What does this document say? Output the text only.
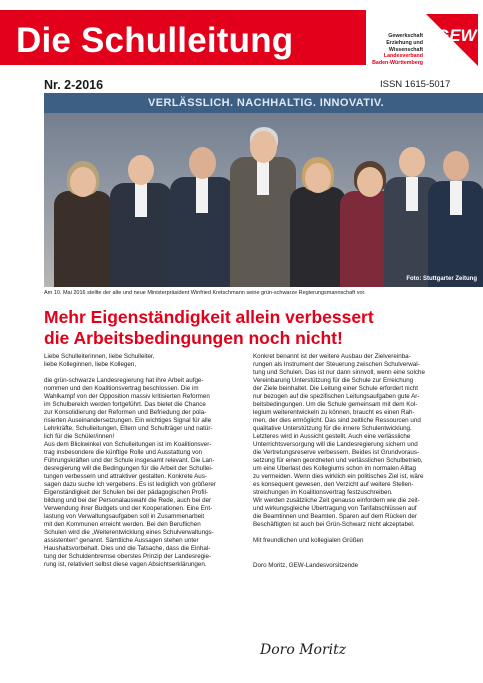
Die Schulleitung	Gewerkschaft
Erziehung und Wissenschaft
Landesverband
Baden-Württemberg
GEW
Nr. 2-2016	ISSN 1615-5017
VERLÄSSLICH. NACHHALTIG. INNOVATIV.
Foto: Stuttgarter Zeitung
Am 10. Mai 2016 stellte der alte und neue Ministerpräsident Winfried Kretschmann seine grün-schwarze Regierungsmannschaft vor.
Mehr Eigenständigkeit allein verbessert
die Arbeitsbedingungen noch nicht!
Liebe Schulleiterinnen, liebe Schulleiter,
liebe Kolleginnen, liebe Kollegen,
die grün-schwarze Landesregierung hat ihre Arbeit aufge-
nommen und den Koalitionsvertrag beschlossen. Die im
Wahlkampf von der Opposition massiv kritisierten Reformen
im Schulbereich werden fortgeführt. Das bietet die Chance
zur Konsolidierung der Reformen und Befriedung der pola-
risierten Auseinandersetzungen. Ein wichtiges Signal für alle
Lehrkräfte, Schulleitungen, Eltern und Schulträger und natür-
lich für die Schüler/innen!
Aus dem Blickwinkel von Schulleitungen ist im Koalitionsver-
trag insbesondere die künftige Rolle und Ausstattung von
Führungskräften und der Schule insgesamt relevant. Die Lan-
desregierung will die Bedingungen für die Arbeit der Schullei-
tungen verbessern und attraktiver gestalten. Konkrete Aus-
sagen dazu suche ich vergebens. Es ist lediglich von größerer
Eigenständigkeit der Schulen bei der pädagogischen Profil-
bildung und bei der Personalauswahl die Rede, auch bei der
Verwendung ihrer Budgets und der Kooperationen. Eine Ent-
lastung von Verwaltungsaufgaben soll in Zusammenarbeit
mit den Kommunen erreicht werden. Bei den Beruflichen
Schulen wird die „Weiterentwicklung eines Schulverwaltungs-
assistenten“ genannt. Sämtliche Aussagen stehen unter
Haushaltsvorbehalt. Dies und die Tatsache, dass die Einhal-
tung der Schuldenbremse oberstes Prinzip der Landesregie-
rung ist, relativiert selbst diese vagen Absichtserklärungen.
Konkret benannt ist der weitere Ausbau der Zielvereinba-
rungen als Instrument der Steuerung zwischen Schulverwal-
tung und Schulen. Das ist nur dann sinnvoll, wenn eine solche
Vereinbarung Unterstützung für die Schule zur Erreichung
der Ziele beinhaltet. Die Leitung einer Schule erfordert nicht
nur bezogen auf die spezifischen Leitungsaufgaben gute Ar-
beitsbedingungen. Um die Schule gemeinsam mit dem Kol-
legium weiterentwickeln zu können, braucht es einen Rah-
men, der dies ermöglicht. Das sind zeitliche Ressourcen und
qualitative Unterstützung für die innere Schulentwicklung.
Letzteres wird in Aussicht gestellt. Auch eine verlässliche
Unterrichtsversorgung will die Landesregierung sichern und
die Vertretungsreserve verbessern. Beides ist Grundvoraus-
setzung für einen geordneten und verlässlichen Schulbetrieb,
um eine Überlast des Kollegiums schon im normalen Alltag
zu vermeiden. Wenn dies wirklich ein politisches Ziel ist, wäre
es konsequent gewesen, den Verzicht auf weitere Stellen-
streichungen im Koalitionsvertrag festzuschreiben.
Wir werden zusätzliche Zeit genauso einfordern wie die zeit-
und wirkungsgleiche Übertragung von Tarifabschlüssen auf
die Beamtinnen und Beamten. Sparen auf dem Rücken der
Beschäftigten ist auch bei Grün-Schwarz nicht akzeptabel.
Mit freundlichen und kollegialen Grüßen
Doro Moritz, GEW-Landesvorsitzende
Doro Moritz
